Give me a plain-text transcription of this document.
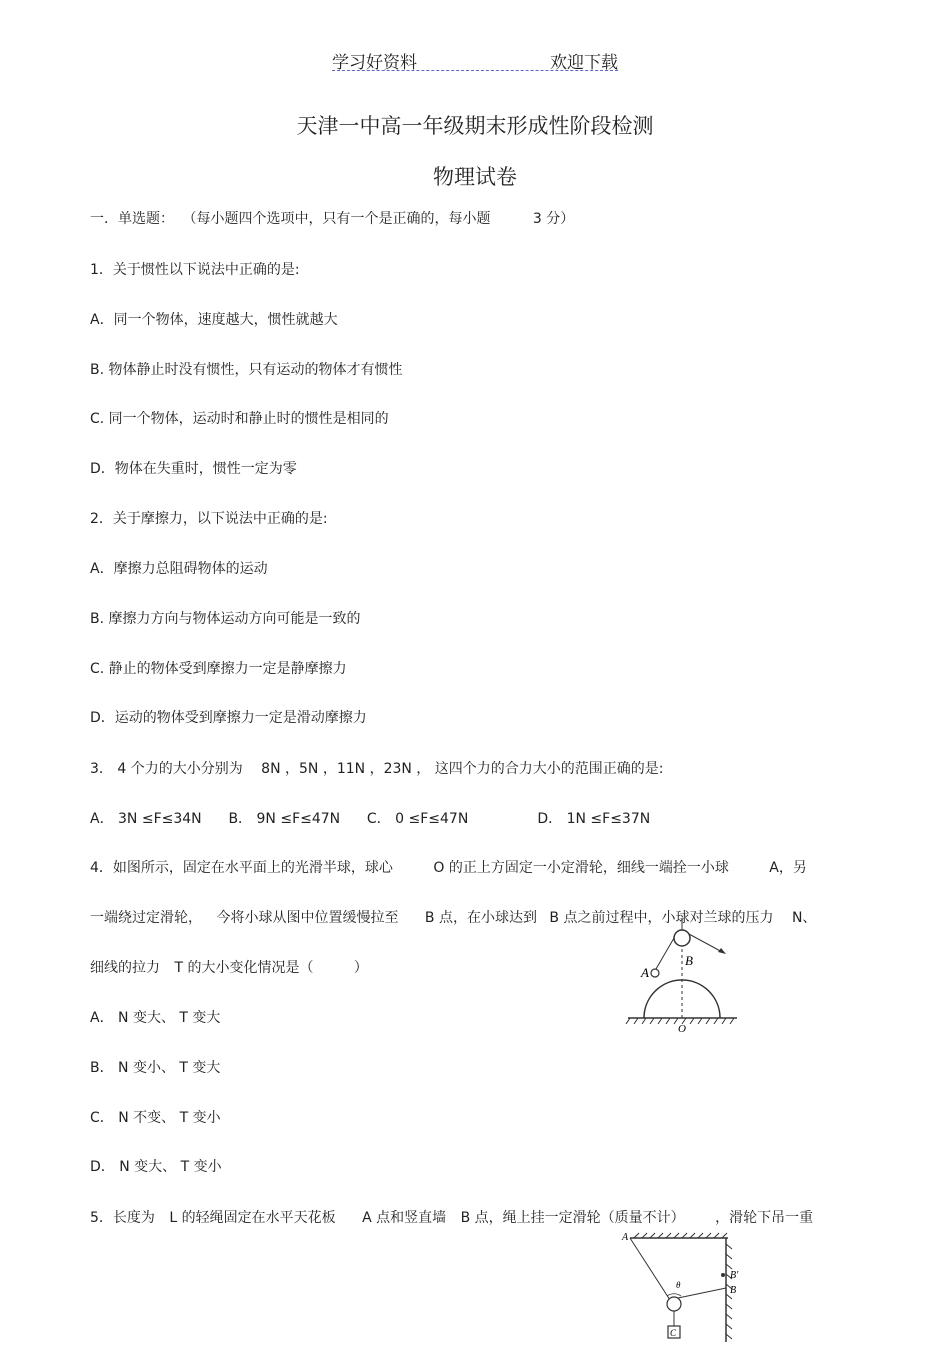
学习好资料	欢迎下载
天津一中高一年级期末形成性阶段检测
物理试卷
一．单选题： （每小题四个选项中，只有一个是正确的，每小题	3 分）
1．关于惯性以下说法中正确的是:
A．同一个物体，速度越大，惯性就越大
B. 物体静止时没有惯性，只有运动的物体才有惯性
C. 同一个物体，运动时和静止时的惯性是相同的
D．物体在失重时，惯性一定为零
2．关于摩擦力，以下说法中正确的是:
A．摩擦力总阻碍物体的运动
B. 摩擦力方向与物体运动方向可能是一致的
C. 静止的物体受到摩擦力一定是静摩擦力
D．运动的物体受到摩擦力一定是滑动摩擦力
3． 4 个力的大小分别为 8N ，5N ，11N ，23N ， 这四个力的合力大小的范围正确的是:
A． 3N ≤F≤34N B． 9N ≤F≤47N C． 0 ≤F≤47N	D． 1N ≤F≤37N
4．如图所示，固定在水平面上的光滑半球，球心	O 的正上方固定一小定滑轮，细线一端拴一小球	A，另
一端绕过定滑轮， 今将小球从图中位置缓慢拉至 B 点，在小球达到 B 点之前过程中，小球对兰球的压力 N、
细线的拉力 T 的大小变化情况是（	）
A． N 变大、 T 变大
B． N 变小、 T 变大
C． N 不变、 T 变小
D． N 变大、 T 变小
A
B
O
5．长度为 L 的轻绳固定在水平天花板 A 点和竖直墙 B 点，绳上挂一定滑轮（质量不计） ，滑轮下吊一重
A
B'
B
θ
C
